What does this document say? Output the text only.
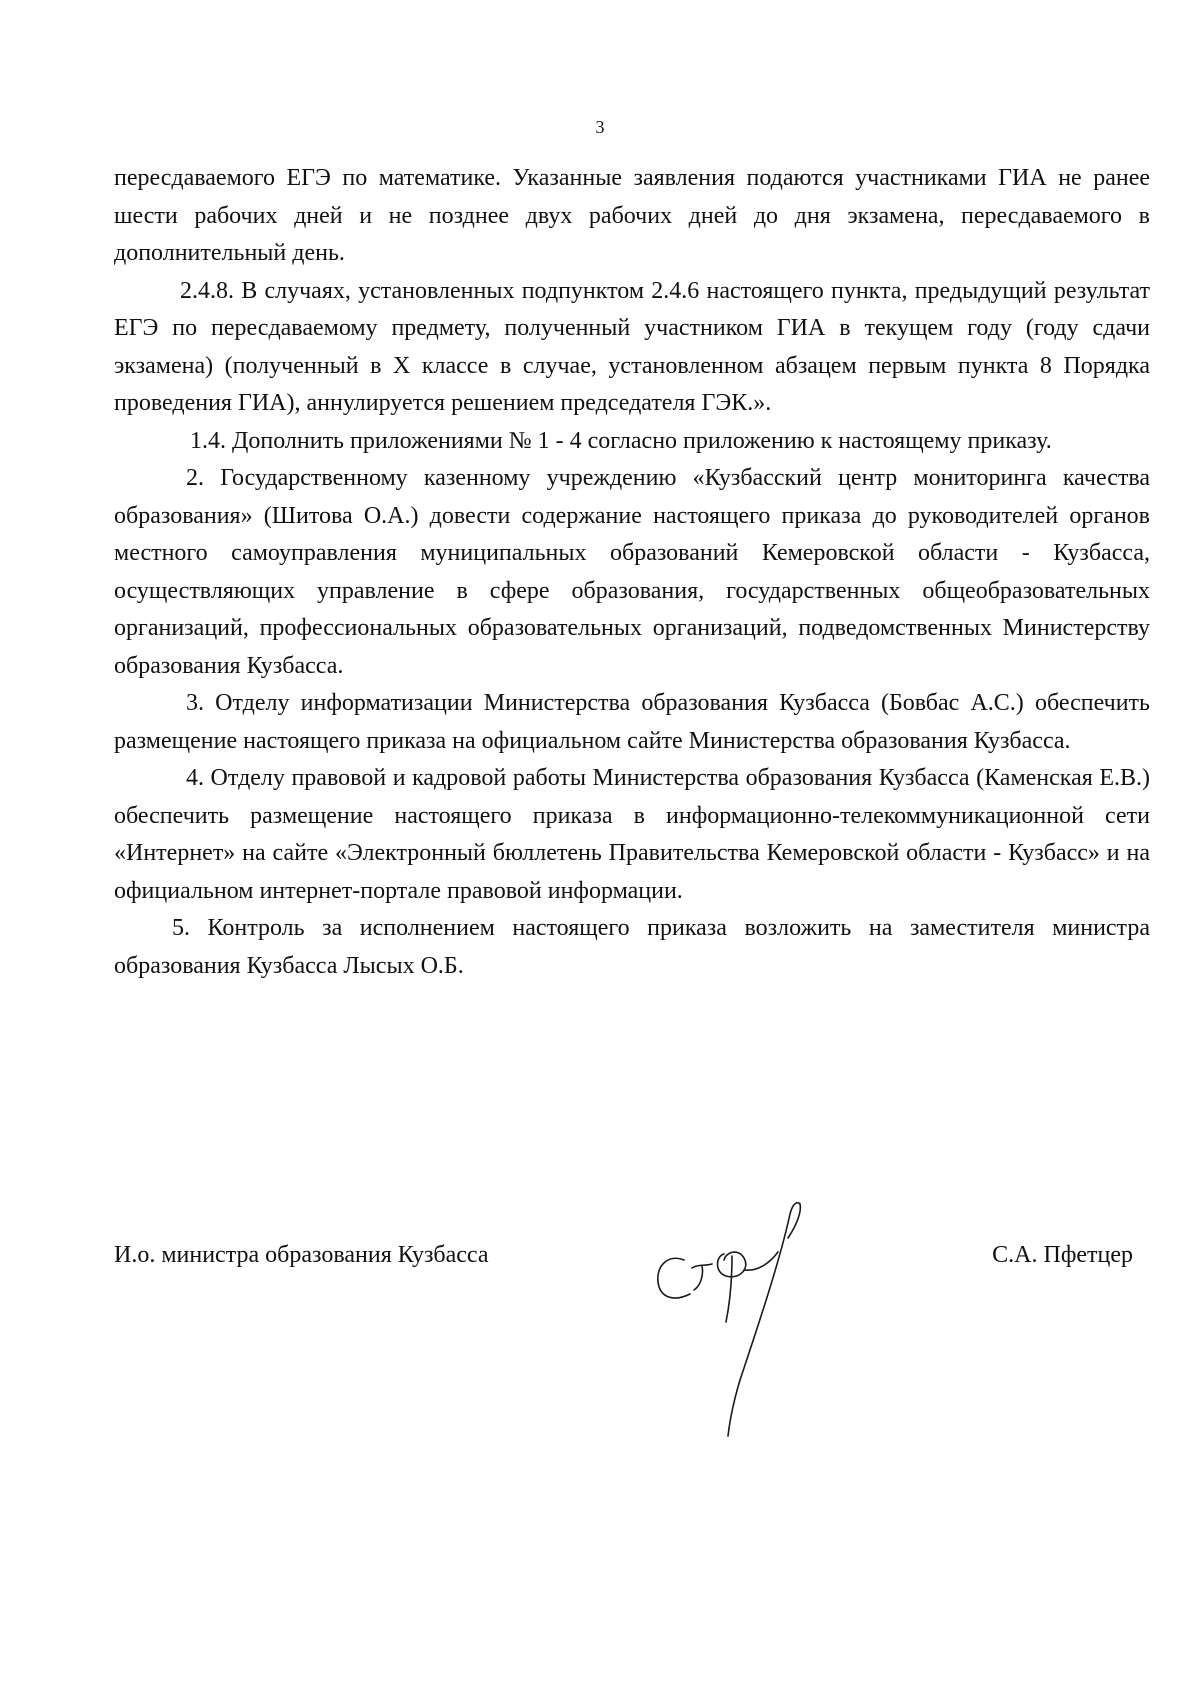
3

пересдаваемого ЕГЭ по математике. Указанные заявления подаются участниками ГИА не ранее шести рабочих дней и не позднее двух рабочих дней до дня экзамена, пересдаваемого в дополнительный день.

2.4.8. В случаях, установленных подпунктом 2.4.6 настоящего пункта, предыдущий результат ЕГЭ по пересдаваемому предмету, полученный участником ГИА в текущем году (году сдачи экзамена) (полученный в X классе в случае, установленном абзацем первым пункта 8 Порядка проведения ГИА), аннулируется решением председателя ГЭК.».

1.4. Дополнить приложениями № 1 - 4 согласно приложению к настоящему приказу.

2. Государственному казенному учреждению «Кузбасский центр мониторинга качества образования» (Шитова О.А.) довести содержание настоящего приказа до руководителей органов местного самоуправления муниципальных образований Кемеровской области - Кузбасса, осуществляющих управление в сфере образования, государственных общеобразовательных организаций, профессиональных образовательных организаций, подведомственных Министерству образования Кузбасса.

3. Отделу информатизации Министерства образования Кузбасса (Бовбас А.С.) обеспечить размещение настоящего приказа на официальном сайте Министерства образования Кузбасса.

4. Отделу правовой и кадровой работы Министерства образования Кузбасса (Каменская Е.В.) обеспечить размещение настоящего приказа в информационно-телекоммуникационной сети «Интернет» на сайте «Электронный бюллетень Правительства Кемеровской области - Кузбасс» и на официальном интернет-портале правовой информации.

5. Контроль за исполнением настоящего приказа возложить на заместителя министра образования Кузбасса Лысых О.Б.

И.о. министра образования Кузбасса	С.А. Пфетцер
